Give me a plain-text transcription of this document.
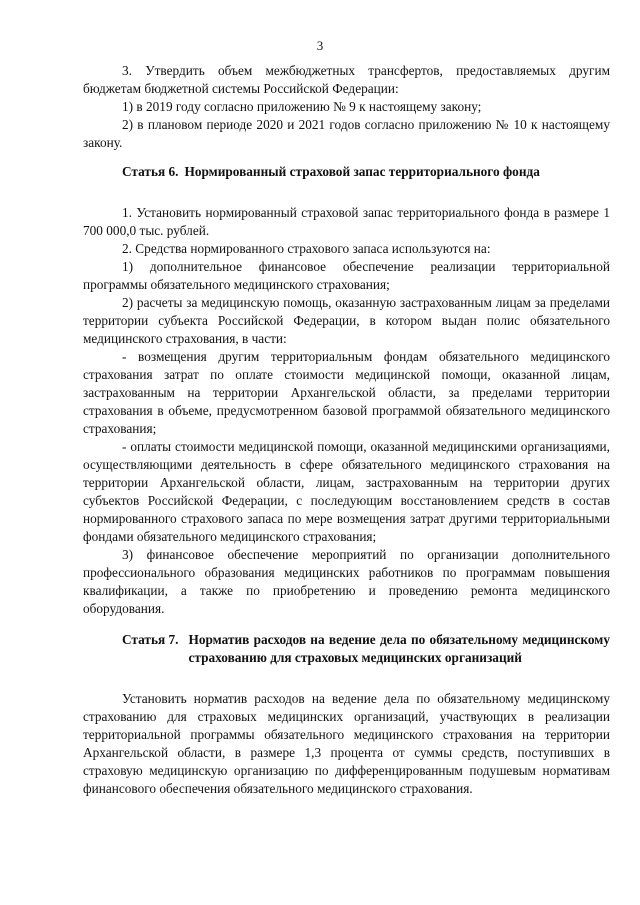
3

3. Утвердить объем межбюджетных трансфертов, предоставляемых другим бюджетам бюджетной системы Российской Федерации:

1) в 2019 году согласно приложению № 9 к настоящему закону;

2) в плановом периоде 2020 и 2021 годов согласно приложению № 10 к настоящему закону.

Статья 6. Нормированный страховой запас территориального фонда

1. Установить нормированный страховой запас территориального фонда в размере 1 700 000,0 тыс. рублей.

2. Средства нормированного страхового запаса используются на:

1) дополнительное финансовое обеспечение реализации территориальной программы обязательного медицинского страхования;

2) расчеты за медицинскую помощь, оказанную застрахованным лицам за пределами территории субъекта Российской Федерации, в котором выдан полис обязательного медицинского страхования, в части:

- возмещения другим территориальным фондам обязательного медицинского страхования затрат по оплате стоимости медицинской помощи, оказанной лицам, застрахованным на территории Архангельской области, за пределами территории страхования в объеме, предусмотренном базовой программой обязательного медицинского страхования;

- оплаты стоимости медицинской помощи, оказанной медицинскими организациями, осуществляющими деятельность в сфере обязательного медицинского страхования на территории Архангельской области, лицам, застрахованным на территории других субъектов Российской Федерации, с последующим восстановлением средств в состав нормированного страхового запаса по мере возмещения затрат другими территориальными фондами обязательного медицинского страхования;

3) финансовое обеспечение мероприятий по организации дополнительного профессионального образования медицинских работников по программам повышения квалификации, а также по приобретению и проведению ремонта медицинского оборудования.

Статья 7. Норматив расходов на ведение дела по обязательному медицинскому страхованию для страховых медицинских организаций

Установить норматив расходов на ведение дела по обязательному медицинскому страхованию для страховых медицинских организаций, участвующих в реализации территориальной программы обязательного медицинского страхования на территории Архангельской области, в размере 1,3 процента от суммы средств, поступивших в страховую медицинскую организацию по дифференцированным подушевым нормативам финансового обеспечения обязательного медицинского страхования.
